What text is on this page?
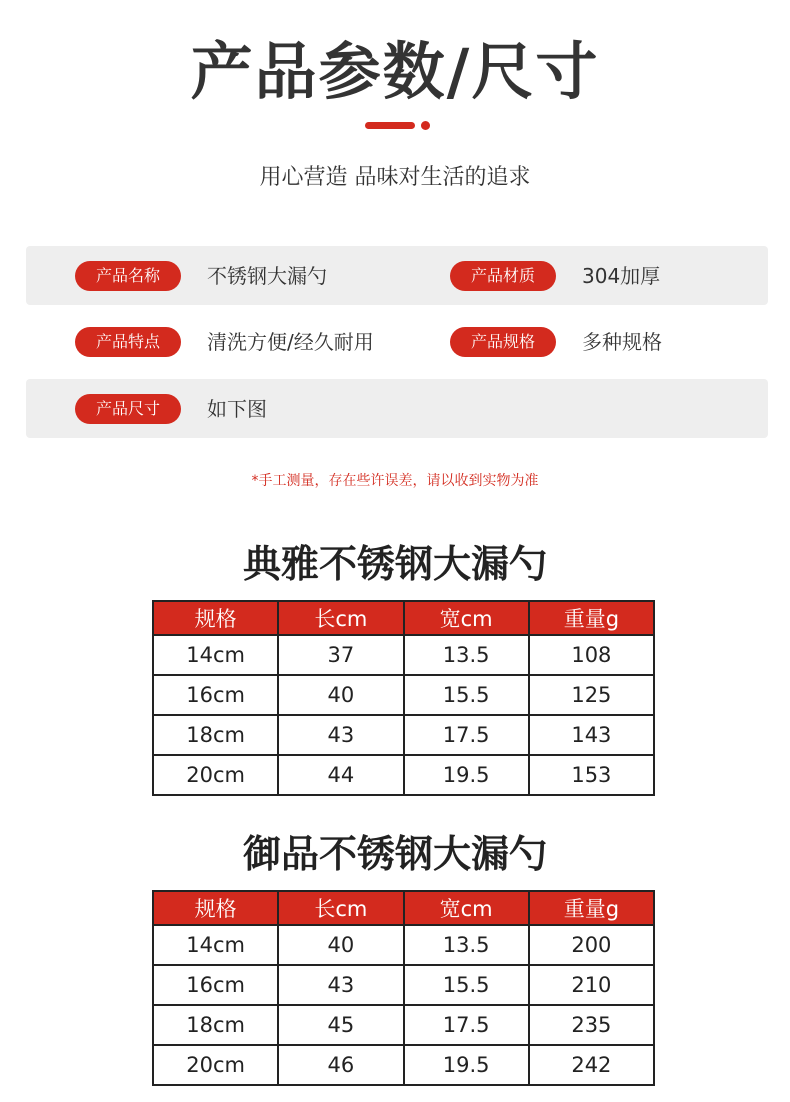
产品参数/尺寸
用心营造 品味对生活的追求
产品名称	不锈钢大漏勺	产品材质	304加厚
产品特点	清洗方便/经久耐用	产品规格	多种规格
产品尺寸	如下图
*手工测量，存在些许误差，请以收到实物为准
典雅不锈钢大漏勺
规格	长cm	宽cm	重量g
14cm	37	13.5	108
16cm	40	15.5	125
18cm	43	17.5	143
20cm	44	19.5	153
御品不锈钢大漏勺
规格	长cm	宽cm	重量g
14cm	40	13.5	200
16cm	43	15.5	210
18cm	45	17.5	235
20cm	46	19.5	242
